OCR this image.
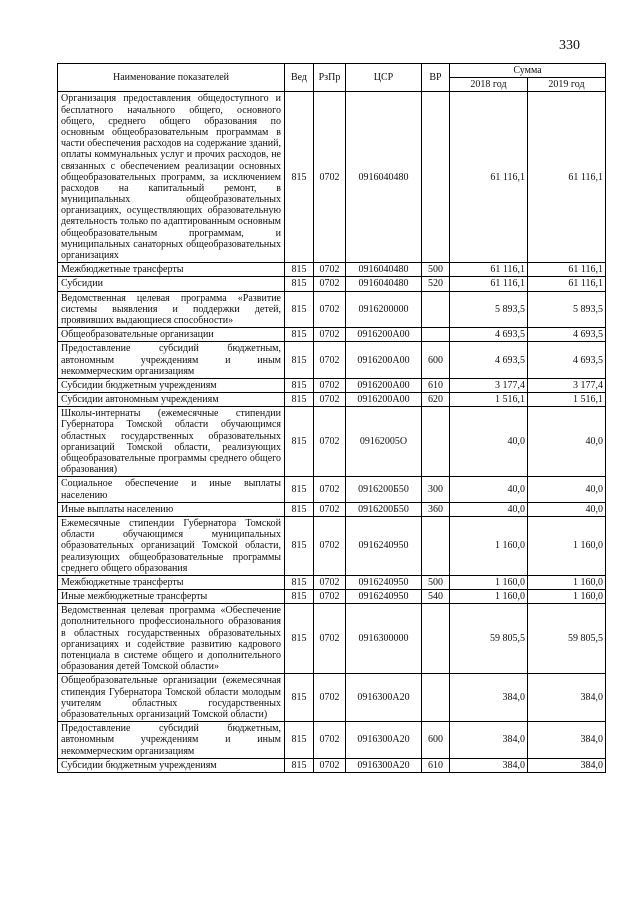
330
Наименование показателей	Вед	РзПр	ЦСР	ВР	Сумма	
					2018 год	2019 год
Организация предоставления общедоступного и бесплатного начального общего, основного общего, среднего общего образования по основным общеобразовательным программам в части обеспечения расходов на содержание зданий, оплаты коммунальных услуг и прочих расходов, не связанных с обеспечением реализации основных общеобразовательных программ, за исключением расходов на капитальный ремонт, в муниципальных общеобразовательных организациях, осуществляющих образовательную деятельность только по адаптированным основным общеобразовательным программам, и муниципальных санаторных общеобразовательных организациях	815	0702	0916040480		61 116,1	61 116,1
Межбюджетные трансферты	815	0702	0916040480	500	61 116,1	61 116,1
Субсидии	815	0702	0916040480	520	61 116,1	61 116,1
Ведомственная целевая программа «Развитие системы выявления и поддержки детей, проявивших выдающиеся способности»	815	0702	0916200000		5 893,5	5 893,5
Общеобразовательные организации	815	0702	0916200А00		4 693,5	4 693,5
Предоставление субсидий бюджетным, автономным учреждениям и иным некоммерческим организациям	815	0702	0916200А00	600	4 693,5	4 693,5
Субсидии бюджетным учреждениям	815	0702	0916200А00	610	3 177,4	3 177,4
Субсидии автономным учреждениям	815	0702	0916200А00	620	1 516,1	1 516,1
Школы-интернаты (ежемесячные стипендии Губернатора Томской области обучающимся областных государственных образовательных организаций Томской области, реализующих общеобразовательные программы среднего общего образования)	815	0702	09162005О		40,0	40,0
Социальное обеспечение и иные выплаты населению	815	0702	0916200Б50	300	40,0	40,0
Иные выплаты населению	815	0702	0916200Б50	360	40,0	40,0
Ежемесячные стипендии Губернатора Томской области обучающимся муниципальных образовательных организаций Томской области, реализующих общеобразовательные программы среднего общего образования	815	0702	0916240950		1 160,0	1 160,0
Межбюджетные трансферты	815	0702	0916240950	500	1 160,0	1 160,0
Иные межбюджетные трансферты	815	0702	0916240950	540	1 160,0	1 160,0
Ведомственная целевая программа «Обеспечение дополнительного профессионального образования в областных государственных образовательных организациях и содействие развитию кадрового потенциала в системе общего и дополнительного образования детей Томской области»	815	0702	0916300000		59 805,5	59 805,5
Общеобразовательные организации (ежемесячная стипендия Губернатора Томской области молодым учителям областных государственных образовательных организаций Томской области)	815	0702	0916300А20		384,0	384,0
Предоставление субсидий бюджетным, автономным учреждениям и иным некоммерческим организациям	815	0702	0916300А20	600	384,0	384,0
Субсидии бюджетным учреждениям	815	0702	0916300А20	610	384,0	384,0
